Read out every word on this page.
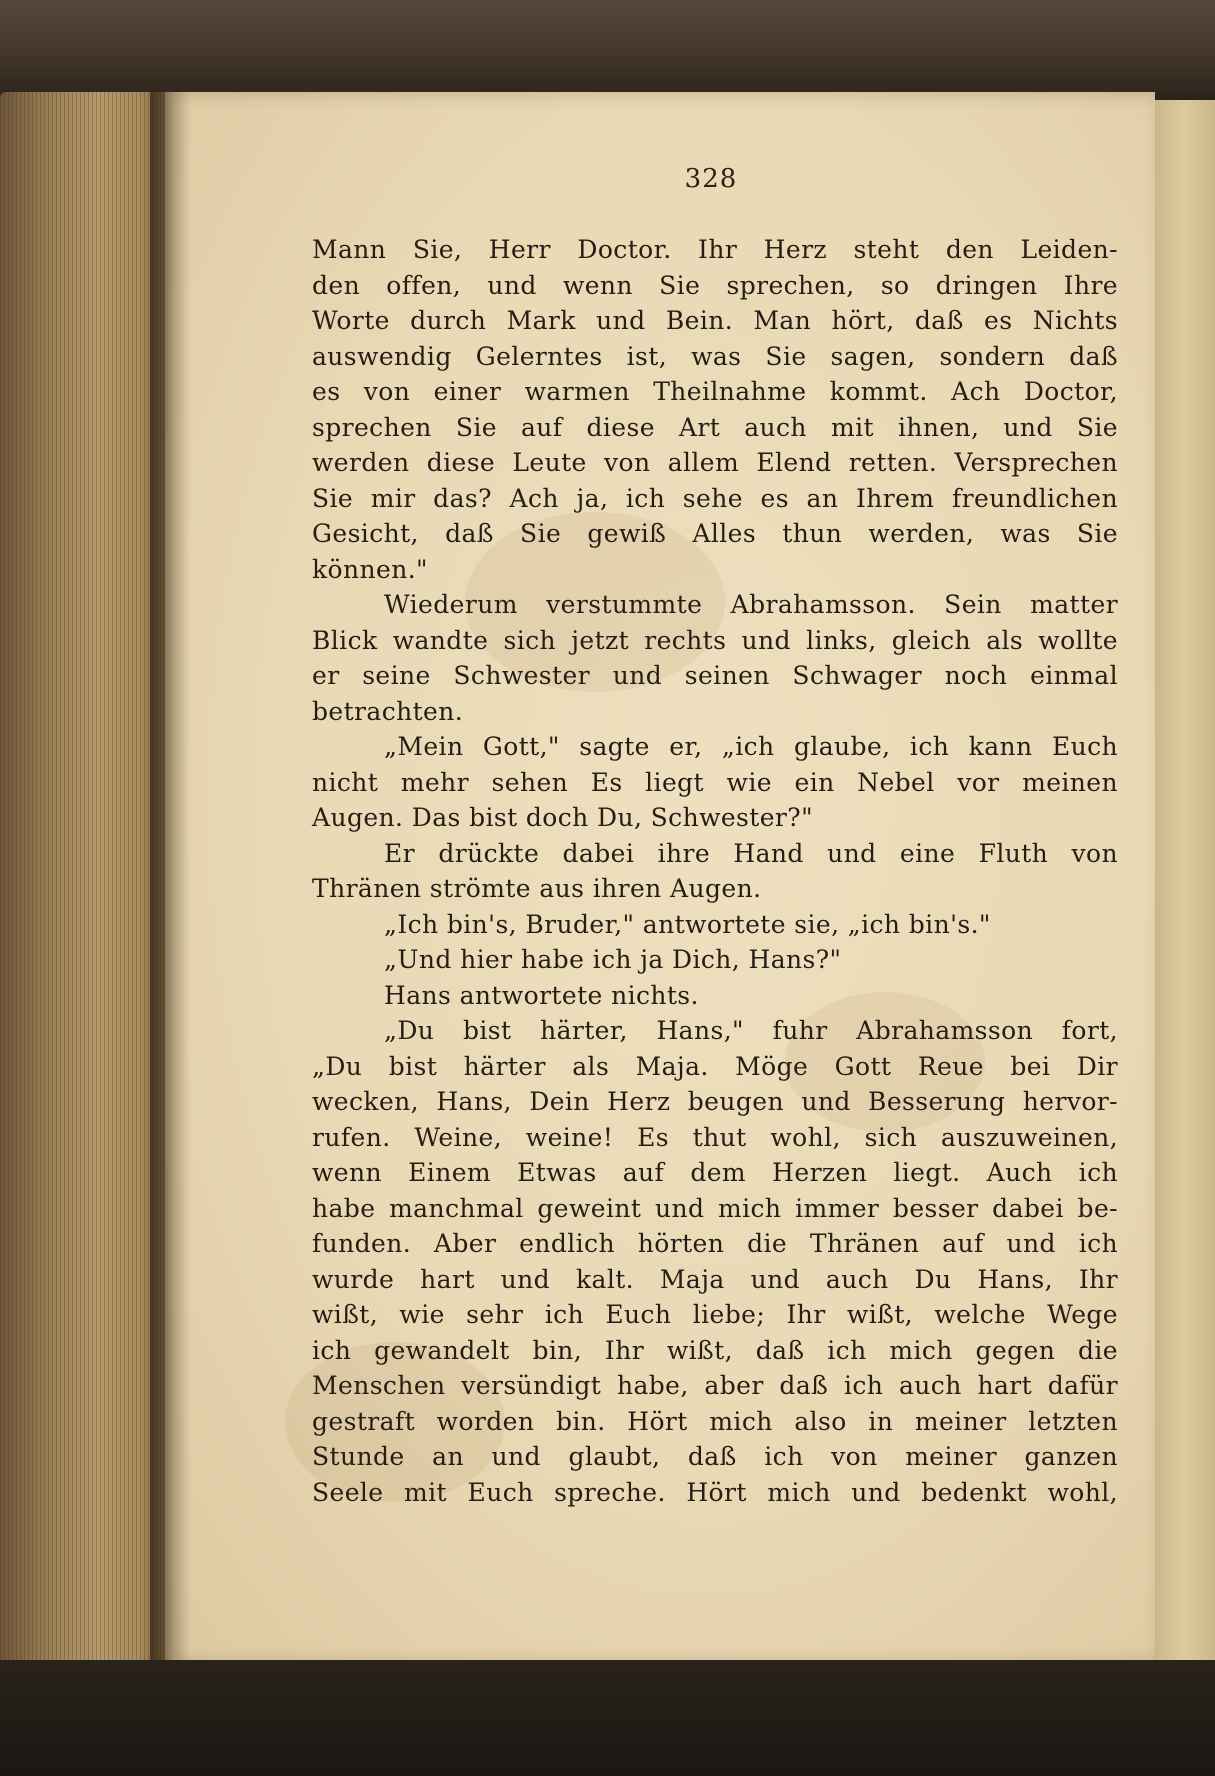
328
Mann Sie, Herr Doctor. Ihr Herz steht den Leiden-
den offen, und wenn Sie sprechen, so dringen Ihre
Worte durch Mark und Bein. Man hört, daß es Nichts
auswendig Gelerntes ist, was Sie sagen, sondern daß
es von einer warmen Theilnahme kommt. Ach Doctor,
sprechen Sie auf diese Art auch mit ihnen, und Sie
werden diese Leute von allem Elend retten. Versprechen
Sie mir das? Ach ja, ich sehe es an Ihrem freundlichen
Gesicht, daß Sie gewiß Alles thun werden, was Sie
können."
Wiederum verstummte Abrahamsson. Sein matter
Blick wandte sich jetzt rechts und links, gleich als wollte
er seine Schwester und seinen Schwager noch einmal
betrachten.
„Mein Gott," sagte er, „ich glaube, ich kann Euch
nicht mehr sehen Es liegt wie ein Nebel vor meinen
Augen. Das bist doch Du, Schwester?"
Er drückte dabei ihre Hand und eine Fluth von
Thränen strömte aus ihren Augen.
„Ich bin's, Bruder," antwortete sie, „ich bin's."
„Und hier habe ich ja Dich, Hans?"
Hans antwortete nichts.
„Du bist härter, Hans," fuhr Abrahamsson fort,
„Du bist härter als Maja. Möge Gott Reue bei Dir
wecken, Hans, Dein Herz beugen und Besserung hervor-
rufen. Weine, weine! Es thut wohl, sich auszuweinen,
wenn Einem Etwas auf dem Herzen liegt. Auch ich
habe manchmal geweint und mich immer besser dabei be-
funden. Aber endlich hörten die Thränen auf und ich
wurde hart und kalt. Maja und auch Du Hans, Ihr
wißt, wie sehr ich Euch liebe; Ihr wißt, welche Wege
ich gewandelt bin, Ihr wißt, daß ich mich gegen die
Menschen versündigt habe, aber daß ich auch hart dafür
gestraft worden bin. Hört mich also in meiner letzten
Stunde an und glaubt, daß ich von meiner ganzen
Seele mit Euch spreche. Hört mich und bedenkt wohl,
